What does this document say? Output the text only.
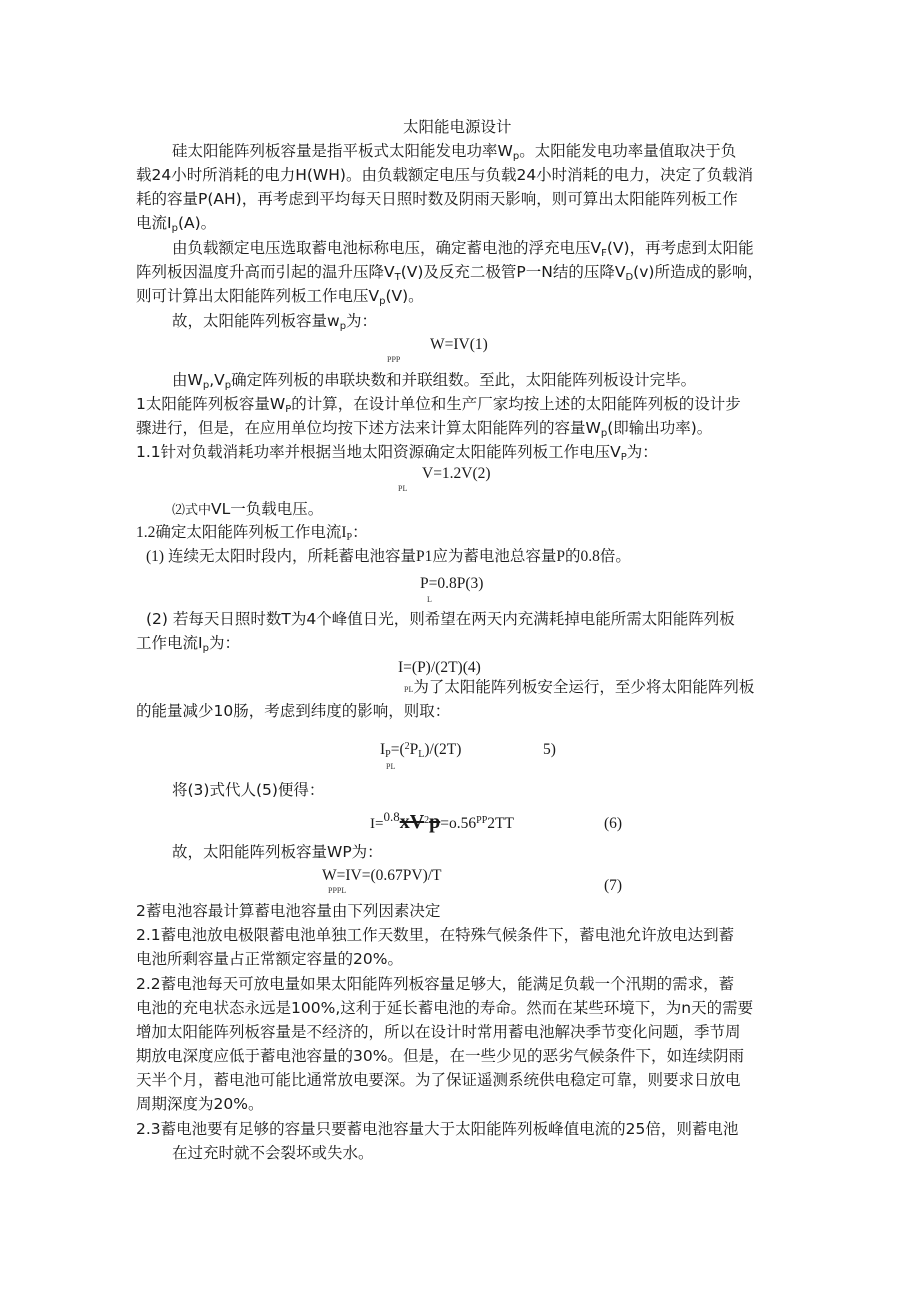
太阳能电源设计
硅太阳能阵列板容量是指平板式太阳能发电功率$W_p$。太阳能发电功率量值取决于负
载24小时所消耗的电力H(WH)。由负载额定电压与负载24小时消耗的电力，决定了负载消
耗的容量P(AH)，再考虑到平均每天日照时数及阴雨天影响，则可算出太阳能阵列板工作
电流$I_p(A)$。
由负载额定电压选取蓄电池标称电压，确定蓄电池的浮充电压$V_F(V)$，再考虑到太阳能
阵列板因温度升高而引起的温升压降$V_T(V)$及反充二极管P一N结的压降$V_D(v)$所造成的影响，
则可计算出太阳能阵列板工作电压$V_p(V)$。
故，太阳能阵列板容量$w_p$为：
W=IV(1)
PPP
由$W_p,V_p$确定阵列板的串联块数和并联组数。至此，太阳能阵列板设计完毕。
1太阳能阵列板容量$W_P$的计算，在设计单位和生产厂家均按上述的太阳能阵列板的设计步
骤进行，但是，在应用单位均按下述方法来计算太阳能阵列的容量$W_p$(即输出功率)。
1.1针对负载消耗功率并根据当地太阳资源确定太阳能阵列板工作电压$V_P$为：
V=1.2V(2)
PL
⑵式中VL一负载电压。
1.2确定太阳能阵列板工作电流$I_P$：
(1) 连续无太阳时段内，所耗蓄电池容量P1应为蓄电池总容量P的0.8倍。
P=0.8P(3)
L
(2) 若每天日照时数T为4个峰值日光，则希望在两天内充满耗掉电能所需太阳能阵列板
工作电流$I_p$为：
I=(P)/(2T)(4)
PL为了太阳能阵列板安全运行，至少将太阳能阵列板
的能量减少10肠，考虑到纬度的影响，则取：
$I_P=(^2P_L)/(2T)$
PL
5)
将(3)式代人(5)便得：
$I=^{0.8}xV^2p=o.56^{PP}2TT$	(6)
故，太阳能阵列板容量WP为：
W=IV=(0.67PV)/T
PPPL	(7)
2蓄电池容最计算蓄电池容量由下列因素决定
2.1蓄电池放电极限蓄电池单独工作天数里，在特殊气候条件下，蓄电池允许放电达到蓄
电池所剩容量占正常额定容量的20%。
2.2蓄电池每天可放电量如果太阳能阵列板容量足够大，能满足负载一个汛期的需求，蓄
电池的充电状态永远是100%,这利于延长蓄电池的寿命。然而在某些环境下，为n天的需要
增加太阳能阵列板容量是不经济的，所以在设计时常用蓄电池解决季节变化问题，季节周
期放电深度应低于蓄电池容量的30%。但是，在一些少见的恶劣气候条件下，如连续阴雨
天半个月，蓄电池可能比通常放电要深。为了保证遥测系统供电稳定可靠，则要求日放电
周期深度为20%。
2.3蓄电池要有足够的容量只要蓄电池容量大于太阳能阵列板峰值电流的25倍，则蓄电池
在过充时就不会裂坏或失水。
